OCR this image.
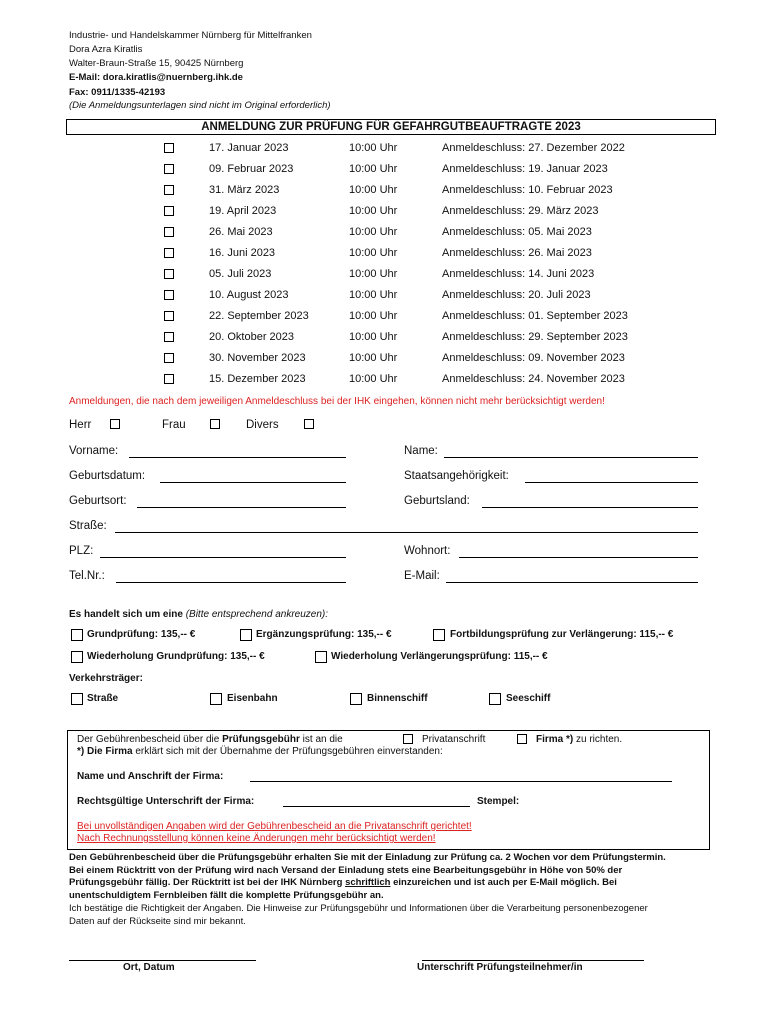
Industrie- und Handelskammer Nürnberg für Mittelfranken
Dora Azra Kiratlis
Walter-Braun-Straße 15, 90425 Nürnberg
E-Mail: dora.kiratlis@nuernberg.ihk.de
Fax: 0911/1335-42193
(Die Anmeldungsunterlagen sind nicht im Original erforderlich)
ANMELDUNG ZUR PRÜFUNG FÜR GEFAHRGUTBEAUFTRAGTE 2023
17. Januar 2023	10:00 Uhr	Anmeldeschluss: 27. Dezember 2022
09. Februar 2023	10:00 Uhr	Anmeldeschluss: 19. Januar 2023
31. März 2023	10:00 Uhr	Anmeldeschluss: 10. Februar 2023
19. April 2023	10:00 Uhr	Anmeldeschluss: 29. März 2023
26. Mai 2023	10:00 Uhr	Anmeldeschluss: 05. Mai 2023
16. Juni 2023	10:00 Uhr	Anmeldeschluss: 26. Mai 2023
05. Juli 2023	10:00 Uhr	Anmeldeschluss: 14. Juni 2023
10. August 2023	10:00 Uhr	Anmeldeschluss: 20. Juli 2023
22. September 2023	10:00 Uhr	Anmeldeschluss: 01. September 2023
20. Oktober 2023	10:00 Uhr	Anmeldeschluss: 29. September 2023
30. November 2023	10:00 Uhr	Anmeldeschluss: 09. November 2023
15. Dezember 2023	10:00 Uhr	Anmeldeschluss: 24. November 2023
Anmeldungen, die nach dem jeweiligen Anmeldeschluss bei der IHK eingehen, können nicht mehr berücksichtigt werden!
Herr	Frau	Divers
Vorname:	Name:
Geburtsdatum:	Staatsangehörigkeit:
Geburtsort:	Geburtsland:
Straße:
PLZ:	Wohnort:
Tel.Nr.:	E-Mail:
Es handelt sich um eine (Bitte entsprechend ankreuzen):
Grundprüfung: 135,-- €	Ergänzungsprüfung: 135,-- €	Fortbildungsprüfung zur Verlängerung: 115,-- €
Wiederholung Grundprüfung: 135,-- €	Wiederholung Verlängerungsprüfung: 115,-- €
Verkehrsträger:
Straße	Eisenbahn	Binnenschiff	Seeschiff
Der Gebührenbescheid über die Prüfungsgebühr ist an die	Privatanschrift	Firma *) zu richten.
*) Die Firma erklärt sich mit der Übernahme der Prüfungsgebühren einverstanden:
Name und Anschrift der Firma:
Rechtsgültige Unterschrift der Firma:	Stempel:
Bei unvollständigen Angaben wird der Gebührenbescheid an die Privatanschrift gerichtet!
Nach Rechnungsstellung können keine Änderungen mehr berücksichtigt werden!
Den Gebührenbescheid über die Prüfungsgebühr erhalten Sie mit der Einladung zur Prüfung ca. 2 Wochen vor dem Prüfungstermin.
Bei einem Rücktritt von der Prüfung wird nach Versand der Einladung stets eine Bearbeitungsgebühr in Höhe von 50% der
Prüfungsgebühr fällig. Der Rücktritt ist bei der IHK Nürnberg schriftlich einzureichen und ist auch per E-Mail möglich. Bei
unentschuldigtem Fernbleiben fällt die komplette Prüfungsgebühr an.
Ich bestätige die Richtigkeit der Angaben. Die Hinweise zur Prüfungsgebühr und Informationen über die Verarbeitung personenbezogener
Daten auf der Rückseite sind mir bekannt.
Ort, Datum	Unterschrift Prüfungsteilnehmer/in
